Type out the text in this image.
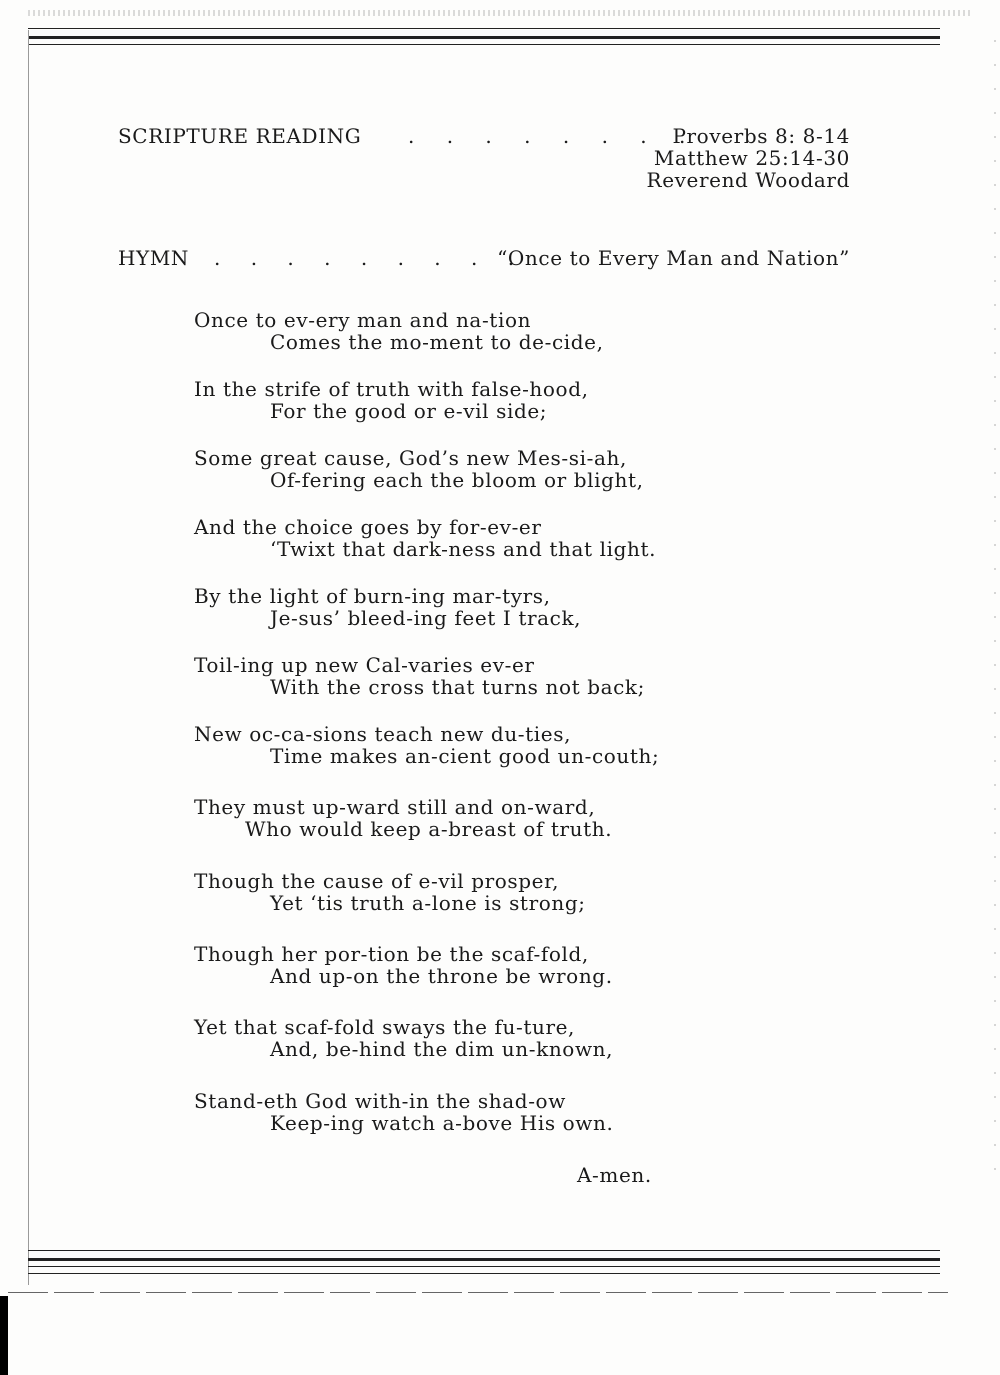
SCRIPTURE READING . . . . . . . .
Proverbs 8: 8-14
Matthew 25:14-30
Reverend Woodard
HYMN . . . . . . . . .
“Once to Every Man and Nation”
Once to ev-ery man and na-tion
Comes the mo-ment to de-cide,
In the strife of truth with false-hood,
For the good or e-vil side;
Some great cause, God’s new Mes-si-ah,
Of-fering each the bloom or blight,
And the choice goes by for-ev-er
‘Twixt that dark-ness and that light.
By the light of burn-ing mar-tyrs,
Je-sus’ bleed-ing feet I track,
Toil-ing up new Cal-varies ev-er
With the cross that turns not back;
New oc-ca-sions teach new du-ties,
Time makes an-cient good un-couth;
They must up-ward still and on-ward,
Who would keep a-breast of truth.
Though the cause of e-vil prosper,
Yet ‘tis truth a-lone is strong;
Though her por-tion be the scaf-fold,
And up-on the throne be wrong.
Yet that scaf-fold sways the fu-ture,
And, be-hind the dim un-known,
Stand-eth God with-in the shad-ow
Keep-ing watch a-bove His own.
A-men.
